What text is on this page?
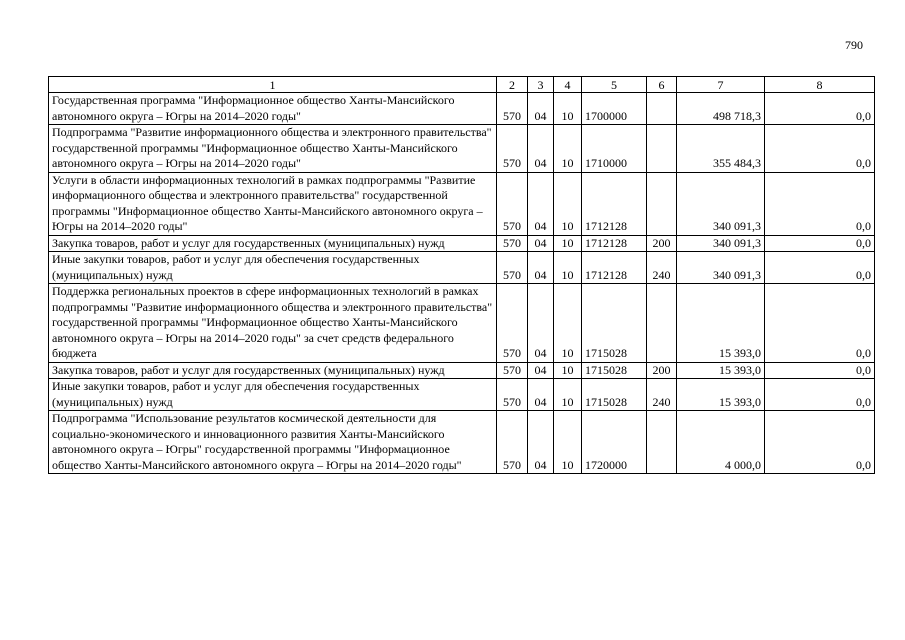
790
1	2	3	4	5	6	7	8
Государственная программа "Информационное общество Ханты-Мансийского автономного округа – Югры на 2014–2020 годы"	570	04	10	1700000		498 718,3	0,0
Подпрограмма "Развитие информационного общества и электронного правительства" государственной программы "Информационное общество Ханты-Мансийского автономного округа – Югры на 2014–2020 годы"	570	04	10	1710000		355 484,3	0,0
Услуги в области информационных технологий в рамках подпрограммы "Развитие информационного общества и электронного правительства" государственной программы "Информационное общество Ханты-Мансийского автономного округа – Югры на 2014–2020 годы"	570	04	10	1712128		340 091,3	0,0
Закупка товаров, работ и услуг для государственных (муниципальных) нужд	570	04	10	1712128	200	340 091,3	0,0
Иные закупки товаров, работ и услуг для обеспечения государственных (муниципальных) нужд	570	04	10	1712128	240	340 091,3	0,0
Поддержка региональных проектов в сфере информационных технологий в рамках подпрограммы "Развитие информационного общества и электронного правительства" государственной программы "Информационное общество Ханты-Мансийского автономного округа – Югры на 2014–2020 годы" за счет средств федерального бюджета	570	04	10	1715028		15 393,0	0,0
Закупка товаров, работ и услуг для государственных (муниципальных) нужд	570	04	10	1715028	200	15 393,0	0,0
Иные закупки товаров, работ и услуг для обеспечения государственных (муниципальных) нужд	570	04	10	1715028	240	15 393,0	0,0
Подпрограмма "Использование результатов космической деятельности для социально-экономического и инновационного развития Ханты-Мансийского автономного округа – Югры" государственной программы "Информационное общество Ханты-Мансийского автономного округа – Югры на 2014–2020 годы"	570	04	10	1720000		4 000,0	0,0
